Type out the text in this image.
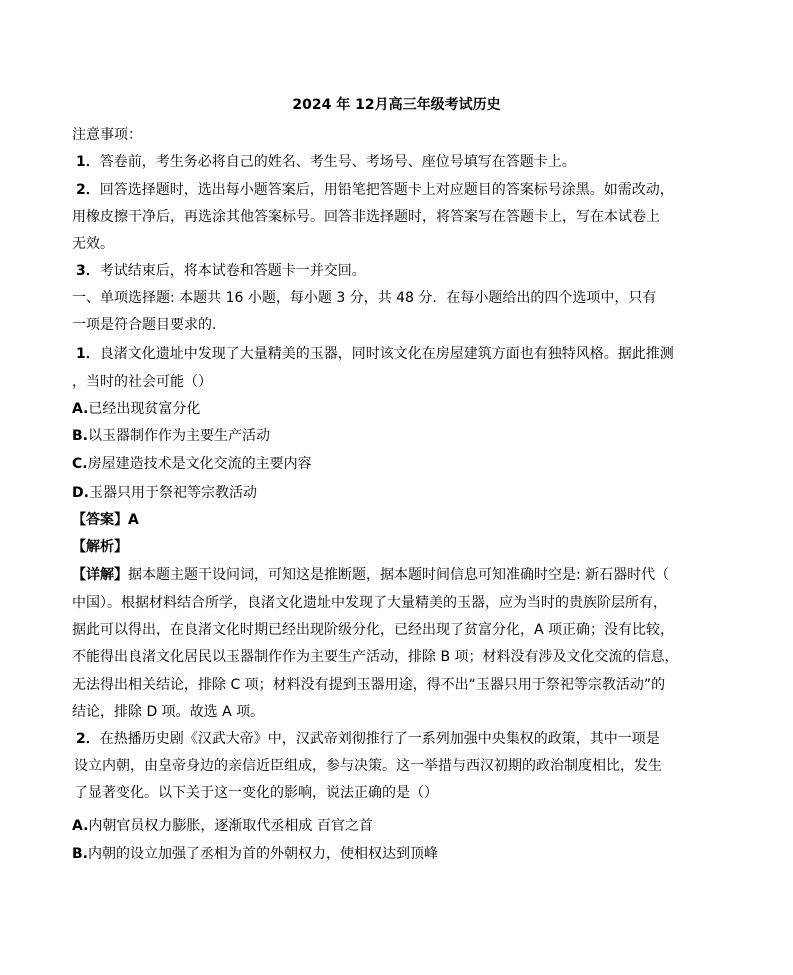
2024 年 12月高三年级考试历史
注意事项：
1．答卷前，考生务必将自己的姓名、考生号、考场号、座位号填写在答题卡上。
2．回答选择题时，选出每小题答案后，用铅笔把答题卡上对应题目的答案标号涂黑。如需改动，
用橡皮擦干净后，再选涂其他答案标号。回答非选择题时，将答案写在答题卡上，写在本试卷上
无效。
3．考试结束后，将本试卷和答题卡一并交回。
一、单项选择题: 本题共 16 小题，每小题 3 分，共 48 分．在每小题给出的四个选项中，只有
一项是符合题目要求的.
1．良渚文化遗址中发现了大量精美的玉器，同时该文化在房屋建筑方面也有独特风格。据此推测
，当时的社会可能（）
A.已经出现贫富分化
B.以玉器制作作为主要生产活动
C.房屋建造技术是文化交流的主要内容
D.玉器只用于祭祀等宗教活动
【答案】A
【解析】
【详解】据本题主题干设问词，可知这是推断题，据本题时间信息可知准确时空是: 新石器时代（
中国）。根据材料结合所学，良渚文化遗址中发现了大量精美的玉器，应为当时的贵族阶层所有，
据此可以得出，在良渚文化时期已经出现阶级分化，已经出现了贫富分化，A 项正确；没有比较，
不能得出良渚文化居民以玉器制作作为主要生产活动，排除 B 项；材料没有涉及文化交流的信息，
无法得出相关结论，排除 C 项；材料没有提到玉器用途，得不出“玉器只用于祭祀等宗教活动”的
结论，排除 D 项。故选 A 项。
2．在热播历史剧《汉武大帝》中，汉武帝刘彻推行了一系列加强中央集权的政策，其中一项是
设立内朝，由皇帝身边的亲信近臣组成，参与决策。这一举措与西汉初期的政治制度相比，发生
了显著变化。以下关于这一变化的影响，说法正确的是（）
A.内朝官员权力膨胀，逐渐取代丞相成 百官之首
B.内朝的设立加强了丞相为首的外朝权力，使相权达到顶峰
